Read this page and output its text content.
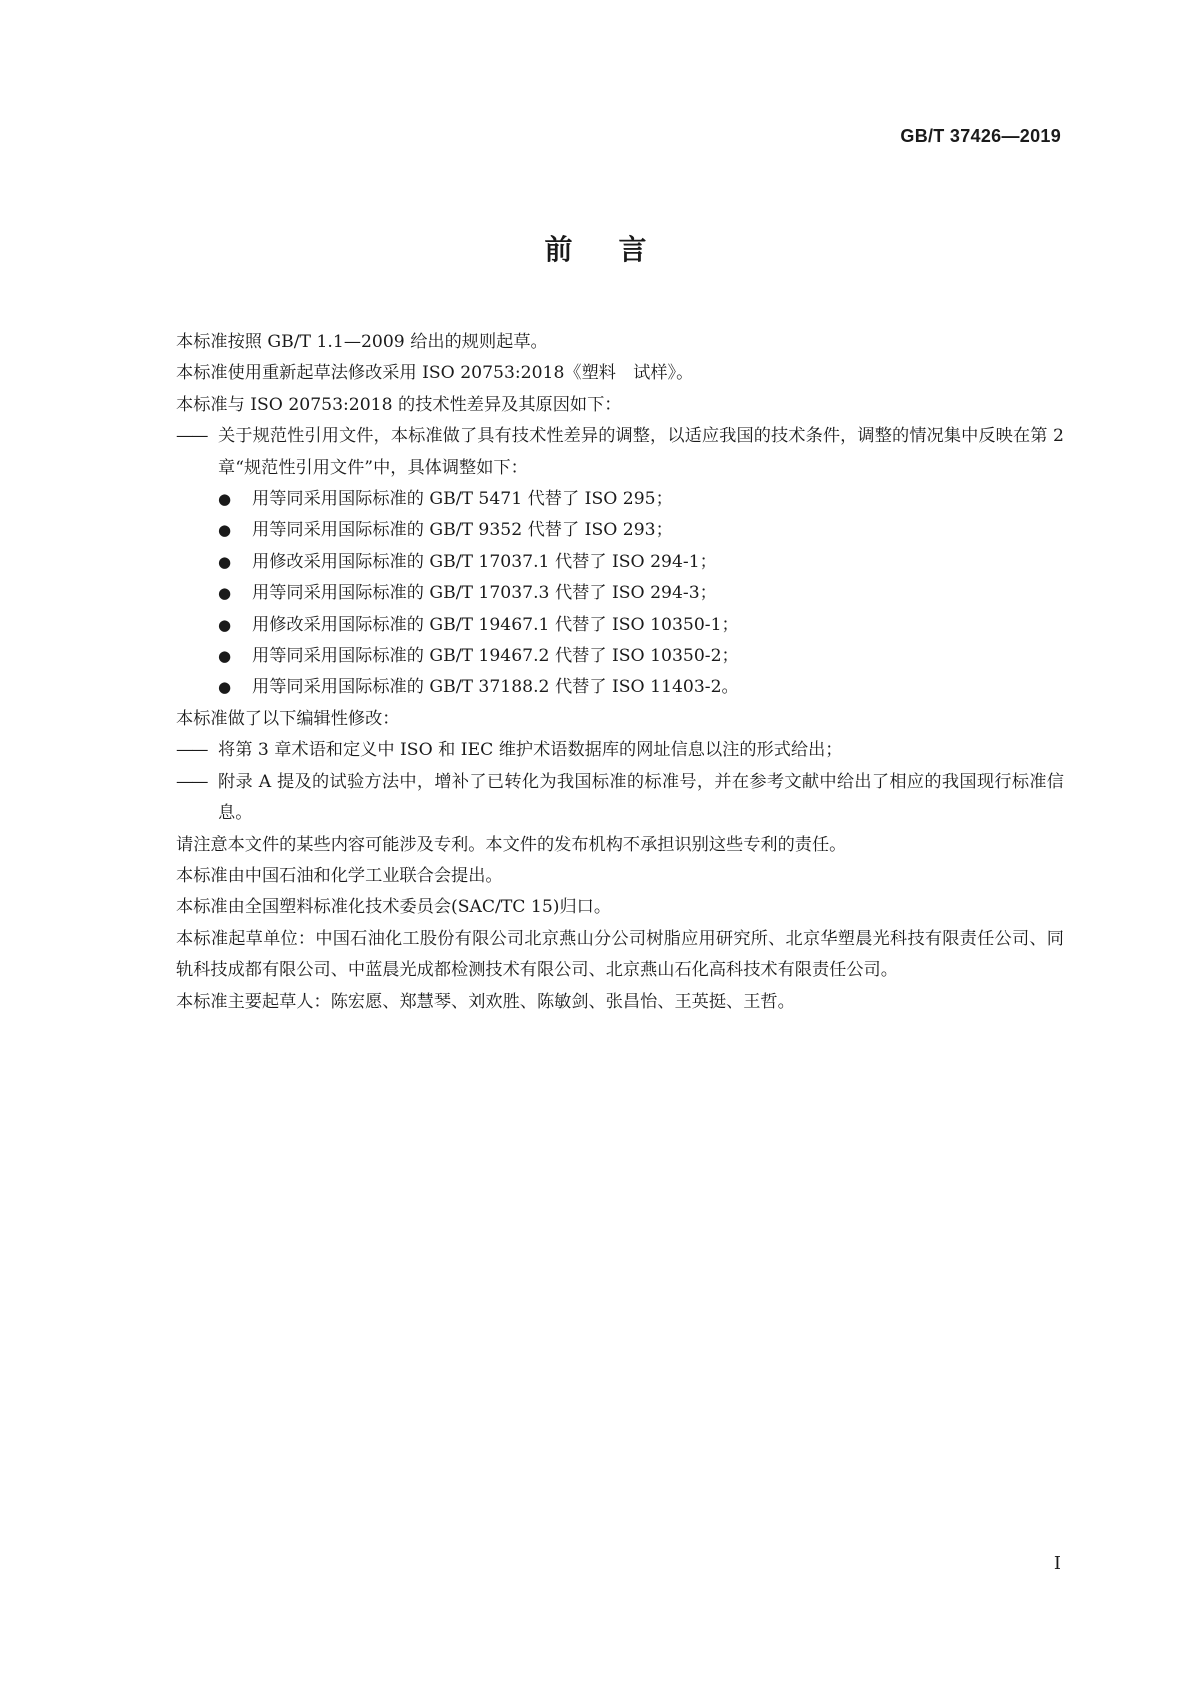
GB/T 37426—2019
前言

本标准按照 GB/T 1.1—2009 给出的规则起草。

本标准使用重新起草法修改采用 ISO 20753:2018《塑料　试样》。

本标准与 ISO 20753:2018 的技术性差异及其原因如下：

—— 关于规范性引用文件，本标准做了具有技术性差异的调整，以适应我国的技术条件，调整的情况集中反映在第 2 章“规范性引用文件”中，具体调整如下：
●	用等同采用国际标准的 GB/T 5471 代替了 ISO 295；
●	用等同采用国际标准的 GB/T 9352 代替了 ISO 293；
●	用修改采用国际标准的 GB/T 17037.1 代替了 ISO 294-1；
●	用等同采用国际标准的 GB/T 17037.3 代替了 ISO 294-3；
●	用修改采用国际标准的 GB/T 19467.1 代替了 ISO 10350-1；
●	用等同采用国际标准的 GB/T 19467.2 代替了 ISO 10350-2；
●	用等同采用国际标准的 GB/T 37188.2 代替了 ISO 11403-2。

本标准做了以下编辑性修改：

—— 将第 3 章术语和定义中 ISO 和 IEC 维护术语数据库的网址信息以注的形式给出；
—— 附录 A 提及的试验方法中，增补了已转化为我国标准的标准号，并在参考文献中给出了相应的我国现行标准信息。

请注意本文件的某些内容可能涉及专利。本文件的发布机构不承担识别这些专利的责任。

本标准由中国石油和化学工业联合会提出。

本标准由全国塑料标准化技术委员会(SAC/TC 15)归口。

本标准起草单位：中国石油化工股份有限公司北京燕山分公司树脂应用研究所、北京华塑晨光科技有限责任公司、同轨科技成都有限公司、中蓝晨光成都检测技术有限公司、北京燕山石化高科技术有限责任公司。

本标准主要起草人：陈宏愿、郑慧琴、刘欢胜、陈敏剑、张昌怡、王英挺、王哲。

I
